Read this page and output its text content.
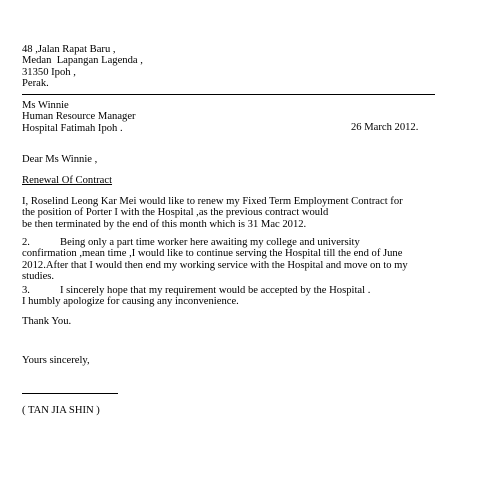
48 ,Jalan Rapat Baru ,
Medan  Lapangan Lagenda ,
31350 Ipoh ,
Perak.
Ms Winnie
Human Resource Manager
Hospital Fatimah Ipoh .	26 March 2012.
Dear Ms Winnie ,
Renewal Of Contract
I, Roselind Leong Kar Mei would like to renew my Fixed Term Employment Contract for
the position of Porter I with the Hospital ,as the previous contract would
be then terminated by the end of this month which is 31 Mac 2012.
2.	Being only a part time worker here awaiting my college and university
confirmation ,mean time ,I would like to continue serving the Hospital till the end of June
2012.After that I would then end my working service with the Hospital and move on to my
studies.
3.	I sincerely hope that my requirement would be accepted by the Hospital .
I humbly apologize for causing any inconvenience.
Thank You.
Yours sincerely,
( TAN JIA SHIN )
